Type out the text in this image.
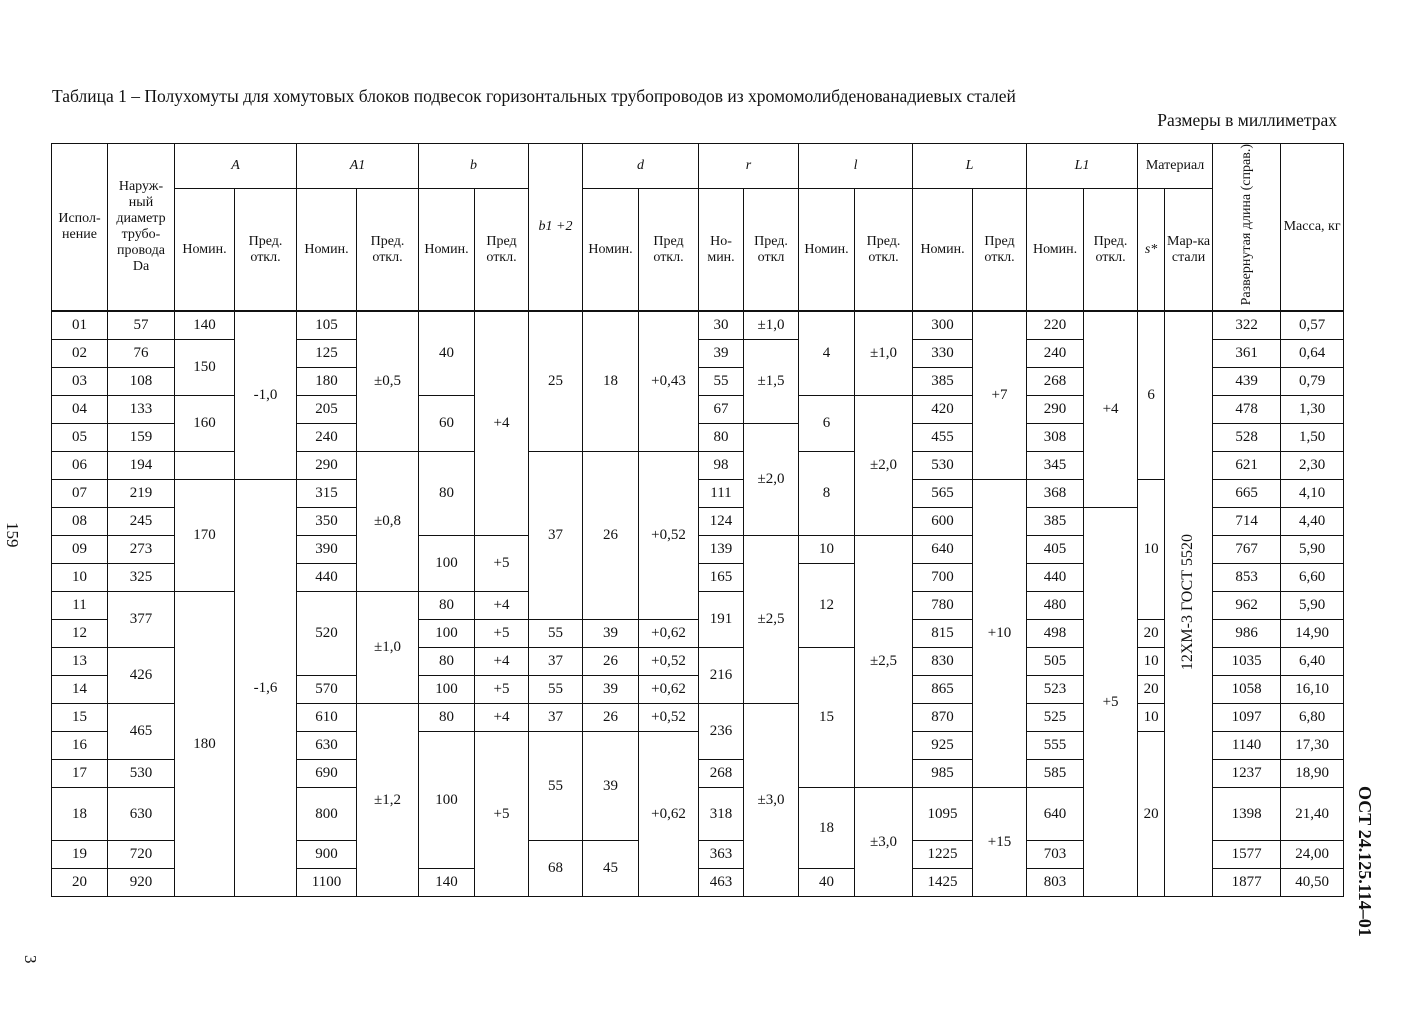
Таблица 1 – Полухомуты для хомутовых блоков подвесок горизонтальных трубопроводов из хромомолибденованадиевых сталей
Размеры в миллиметрах
159
ОСТ 24.125.114–01
3
Испол-нение	Наруж-ный диаметр трубо-провода Da	A		A1		b		b1 +2	d		r		l		L		L1		Материал		Развернутая длина (справ.)	Масса, кг
		Номин.	Пред. откл.	Номин.	Пред. откл.	Номин.	Пред откл.		Номин.	Пред откл.	Но-мин.	Пред. откл	Номин.	Пред. откл.	Номин.	Пред откл.	Номин.	Пред. откл.	s*	Мар-ка стали		
01	57	140	-1,0	105	±0,5	40	+4	25	18	+0,43	30	±1,0	4	±1,0	300	+7	220	+4	6	12ХМ-3 ГОСТ 5520	322	0,57
02	76	150		125							39	±1,5			330		240				361	0,64
03	108			180							55				385		268				439	0,79
04	133	160		205		60					67		6	±2,0	420		290				478	1,30
05	159			240							80	±2,0			455		308				528	1,50
06	194			290	±0,8	80		37	26	+0,52	98		8		530		345				621	2,30
07	219	170	-1,6	315							111				565	+10	368		10		665	4,10
08	245			350							124				600		385	+5			714	4,40
09	273			390		100	+5				139	±2,5	10	±2,5	640		405				767	5,90
10	325			440							165		12		700		440				853	6,60
11	377	180		520	±1,0	80	+4				191				780		480				962	5,90
12						100	+5	55	39	+0,62					815		498		20		986	14,90
13	426					80	+4	37	26	+0,52	216		15		830		505		10		1035	6,40
14				570		100	+5	55	39	+0,62					865		523		20		1058	16,10
15	465			610	±1,2	80	+4	37	26	+0,52	236	±3,0			870		525		10		1097	6,80
16				630		100	+5	55	39	+0,62					925		555		20		1140	17,30
17	530			690							268				985		585				1237	18,90
18	630			800							318		18	±3,0	1095	+15	640				1398	21,40
19	720			900				68	45		363				1225		703				1577	24,00
20	920			1100		140					463		40		1425		803				1877	40,50
